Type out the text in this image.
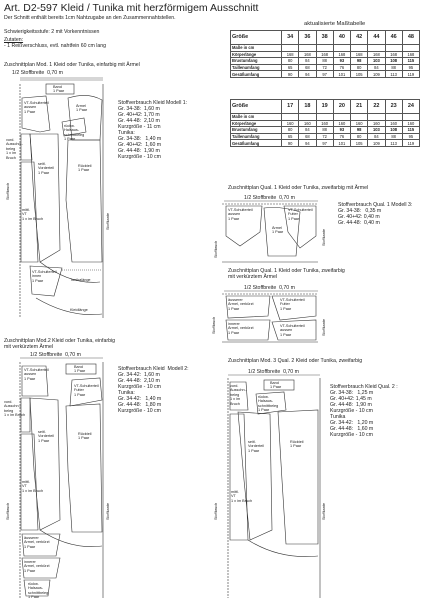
Art. D2-597 Kleid / Tunika mit herzförmigem Ausschnitt
Der Schnitt enthält bereits 1cm Nahtzugabe an den Zusammennahtstellen.
Schwierigkeitsstufe: 2 mit Vorkenntnissen
Zutaten:
- 1 Reißverschluss, evtl. nahtfein 60 cm lang
aktualisierte Maßtabelle
Größe	34	36	38	40	42	44	46	48
Maße in cm								
Körperlänge	168	168	168	168	168	168	168	168
Brustumfang	80	84	88	93	98	103	108	115
Taillenumfang	65	68	72	76	80	84	88	95
Gesäßumfang	90	94	97	101	105	109	113	119
Größe	17	18	19	20	21	22	23	24
Maße in cm								
Körperlänge	160	160	160	160	160	160	160	160
Brustumfang	80	84	88	93	98	103	108	115
Taillenumfang	65	68	72	76	80	84	88	95
Gesäßumfang	90	94	97	101	105	109	113	119
Zuschnittplan Mod. 1 Kleid oder Tunika, einfarbig mit Ärmel
1/2 Stoffbreite  0,70 m
Stoffverbrauch Kleid Modell 1:
Gr. 34-38:  1,60 m
Gr. 40+42: 1,70 m
Gr. 44-48:  2,10 m
Kurzgröße - 11 cm
Tunika:
Gr. 34-38:   1,40 m
Gr. 40+42:  1,60 m
Gr. 44-48:  1,90 m
Kurzgröße - 10 cm
Band
1 Paar
VT-Schulterteil
aussen
1 Paar
Ärmel
1 Paar
rückw.
Halsaus-
schnittbeleg
1 Paar
vord.
Ausschn.-
beleg
1 x im
Bruch
seitl.
Vorderteil
1 Paar
Rückteil
1 Paar
mittl.
VT
1 x im Bruch
VT-Schulterteil
innen
1 Paar	Tunikalänge
Kleidlänge
Stoffbruch
Stoffkante
Zuschnittplan Qual. 1 Kleid oder Tunika, zweifarbig mit Ärmel
1/2 Stoffbreite  0,70 m
Stoffverbrauch Qual. 1 Modell 3:
Gr. 34-38:   0,35 m
Gr. 40+42: 0,40 m
Gr. 44-48:  0,40 m
VT-Schulterteil
aussen
1 Paar
Ärmel
1 Paar
VT-Schulterteil
Futter
1 Paar
Stoffbruch
Stoffkante
Zuschnittplan Qual. 1 Kleid oder Tunika, zweifarbig
mit verkürztem Ärmel
1/2 Stoffbreite  0,70 m
äusserer
Ärmel, verkürzt
1 Paar
VT-Schulterteil
Futter
1 Paar
innerer
Ärmel, verkürzt
1 Paar
VT-Schulterteil
aussen
1 Paar
Stoffbruch	Stoffkante
Zuschnittplan Mod.2 Kleid oder Tunika, einfarbig
mit verkürztem Ärmel
1/2 Stoffbreite  0,70 m
Stoffverbrauch Kleid  Modell 2:
Gr. 34-42:  1,60 m
Gr. 44-48:  2,10 m
Kurzgröße - 10 cm
Tunika:
Gr. 34-42:   1,40 m
Gr. 44-48:   1,80 m
Kurzgröße - 10 cm
Band
1 Paar
VT-Schulterteil
aussen
1 Paar
VT-Schulterteil
Futter
1 Paar
vord.
Ausschn.-
beleg
1 x im Bruch
seitl.
Vorderteil
1 Paar
Rückteil
1 Paar
mittl.
VT
1 x im Bruch
äusserer
Ärmel, verkürzt
1 Paar
innerer
Ärmel, verkürzt
1 Paar
rückw.
Halsaus-
schnittbeleg
1 Paar
Stoffbruch	Stoffkante
Zuschnittplan Mod. 3 Qual. 2 Kleid oder Tunika, zweifarbig
1/2 Stoffbreite  0,70 m
Stoffverbrauch Kleid Qual. 2 :
Gr. 34-38:   1,25 m
Gr. 40+42: 1,45 m
Gr. 44-48:  1,90 m
Kurzgröße - 10 cm
Tunika
Gr. 34-42:   1,20 m
Gr. 44-48:   1,60 m
Kurzgröße - 10 cm
Band
1 Paar
vord.
Ausschn.-
beleg
1 x im
Bruch
rückw.
Halsaus-
schnittbeleg
1 Paar
seitl.
Vorderteil
1 Paar
Rückteil
1 Paar
mittl.
VT
1 x im Bruch
Stoffbruch	Stoffkante
